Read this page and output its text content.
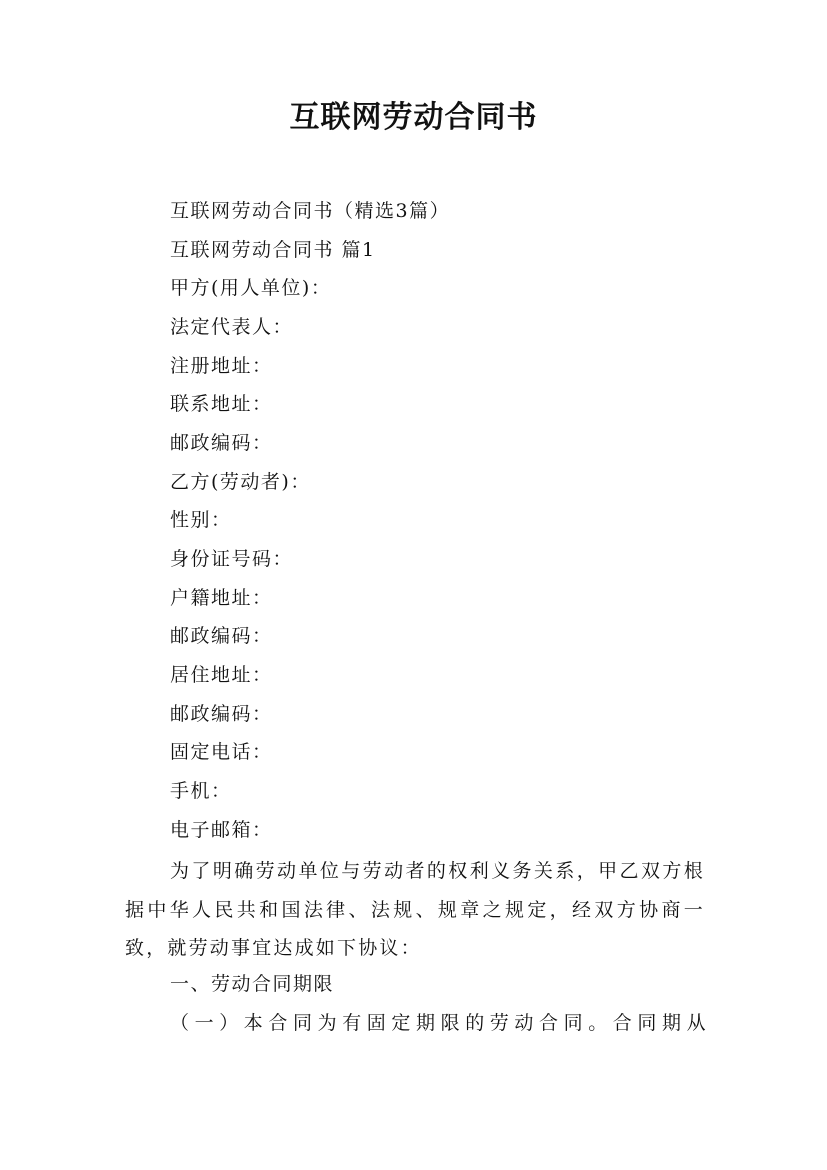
互联网劳动合同书

互联网劳动合同书（精选3篇）

互联网劳动合同书 篇1

甲方(用人单位)：

法定代表人：

注册地址：

联系地址：

邮政编码：

乙方(劳动者)：

性别：

身份证号码：

户籍地址：

邮政编码：

居住地址：

邮政编码：

固定电话：

手机：

电子邮箱：

为了明确劳动单位与劳动者的权利义务关系，甲乙双方根据中华人民共和国法律、法规、规章之规定，经双方协商一致，就劳动事宜达成如下协议：

一、劳动合同期限

（一）本合同为有固定期限的劳动合同。合同期从
